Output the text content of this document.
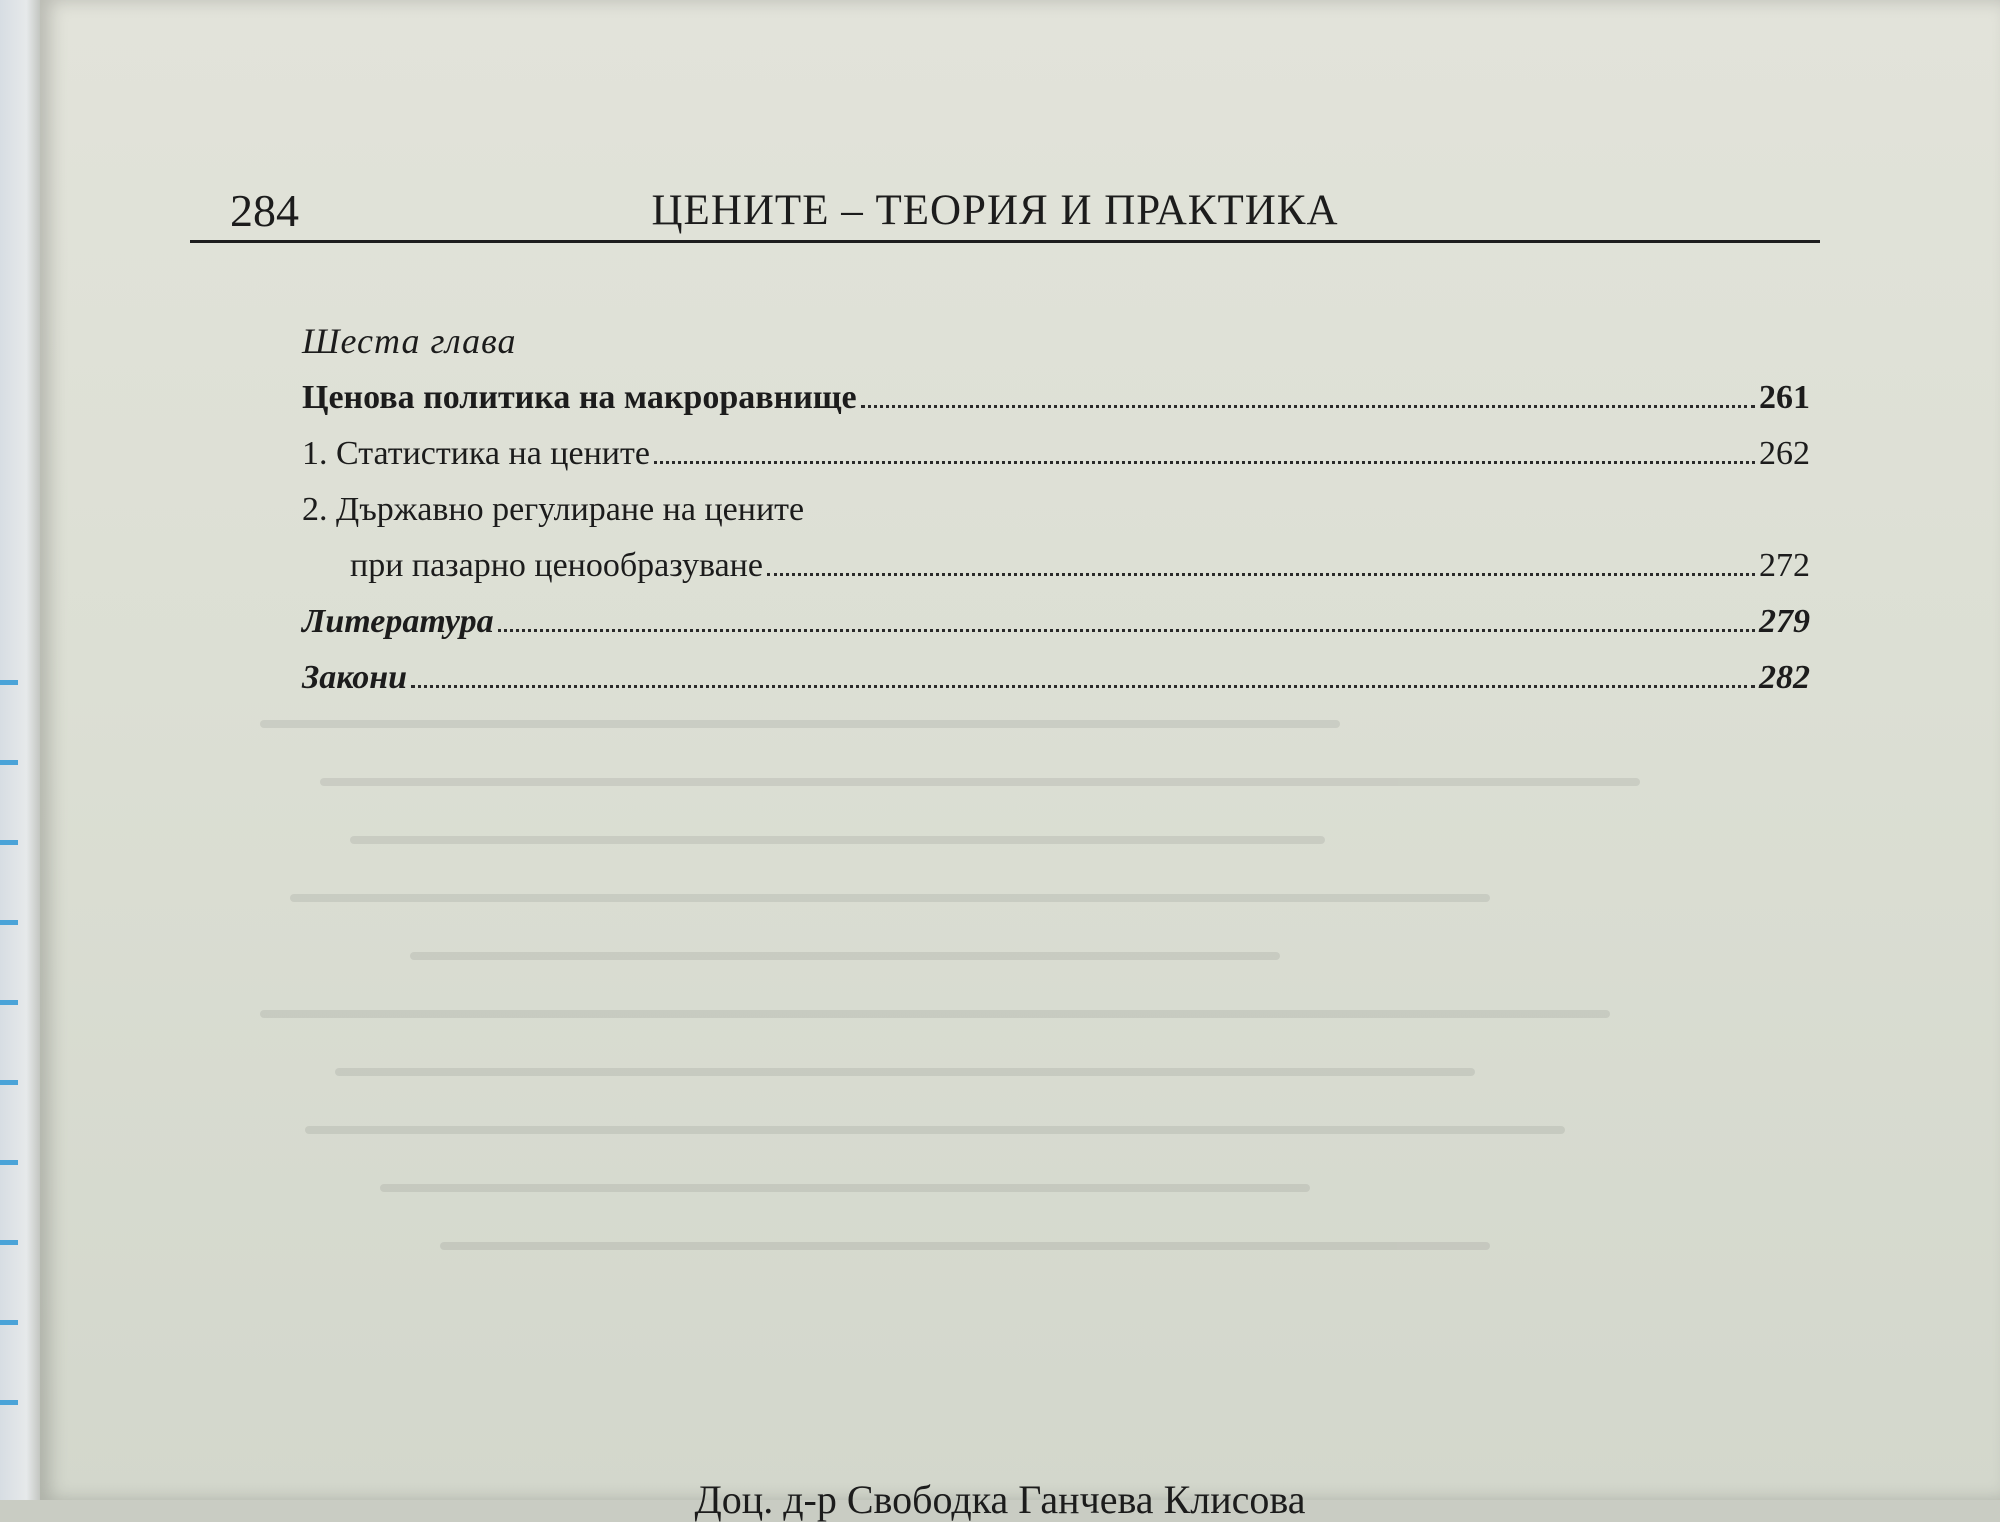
284	ЦЕНИТЕ – ТЕОРИЯ И ПРАКТИКА
Шеста глава
Ценова политика на макроравнище	261
1. Статистика на цените	262
2. Държавно регулиране на цените
при пазарно ценообразуване	272
Литература	279
Закони	282
Доц. д-р Свободка Ганчева Клисова
